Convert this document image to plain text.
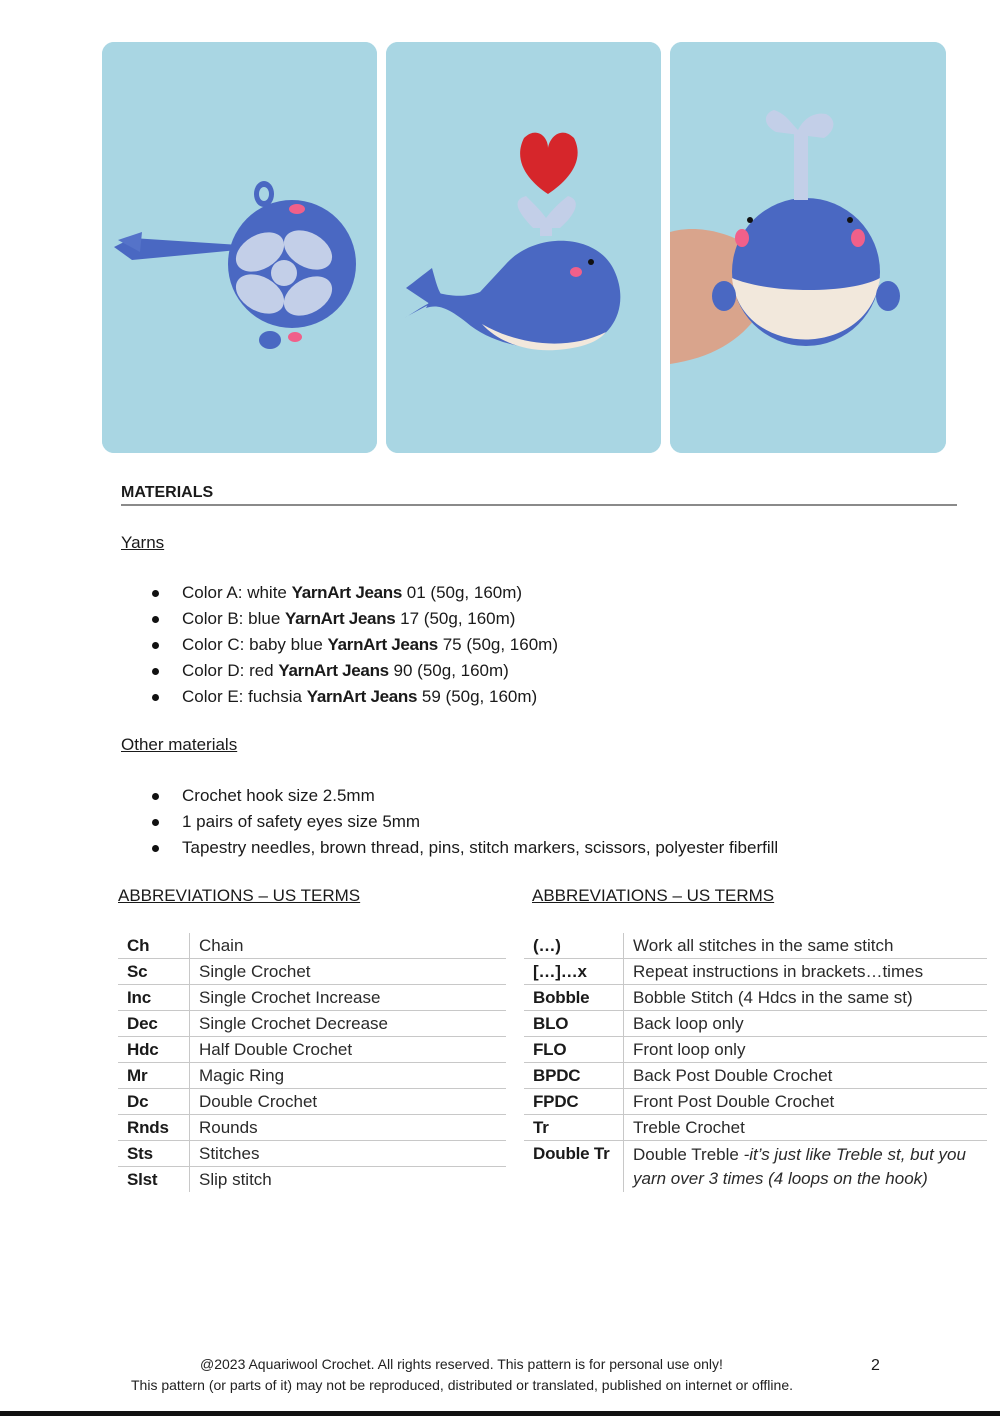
MATERIALS
Yarns
Color A: white YarnArt Jeans 01 (50g, 160m)
Color B: blue YarnArt Jeans 17 (50g, 160m)
Color C: baby blue YarnArt Jeans 75 (50g, 160m)
Color D: red YarnArt Jeans 90 (50g, 160m)
Color E: fuchsia YarnArt Jeans 59 (50g, 160m)
Other materials
Crochet hook size 2.5mm
1 pairs of safety eyes size 5mm
Tapestry needles, brown thread, pins, stitch markers, scissors, polyester fiberfill
ABBREVIATIONS – US TERMS	ABBREVIATIONS – US TERMS
Ch	Chain
Sc	Single Crochet
Inc	Single Crochet Increase
Dec	Single Crochet Decrease
Hdc	Half Double Crochet
Mr	Magic Ring
Dc	Double Crochet
Rnds	Rounds
Sts	Stitches
Slst	Slip stitch
(…)	Work all stitches in the same stitch
[…]…x	Repeat instructions in brackets…times
Bobble	Bobble Stitch (4 Hdcs in the same st)
BLO	Back loop only
FLO	Front loop only
BPDC	Back Post Double Crochet
FPDC	Front Post Double Crochet
Tr	Treble Crochet
Double Tr	Double Treble -it’s just like Treble st, but you yarn over 3 times (4 loops on the hook)
@2023 Aquariwool Crochet. All rights reserved. This pattern is for personal use only!
This pattern (or parts of it) may not be reproduced, distributed or translated, published on internet or offline.
2
